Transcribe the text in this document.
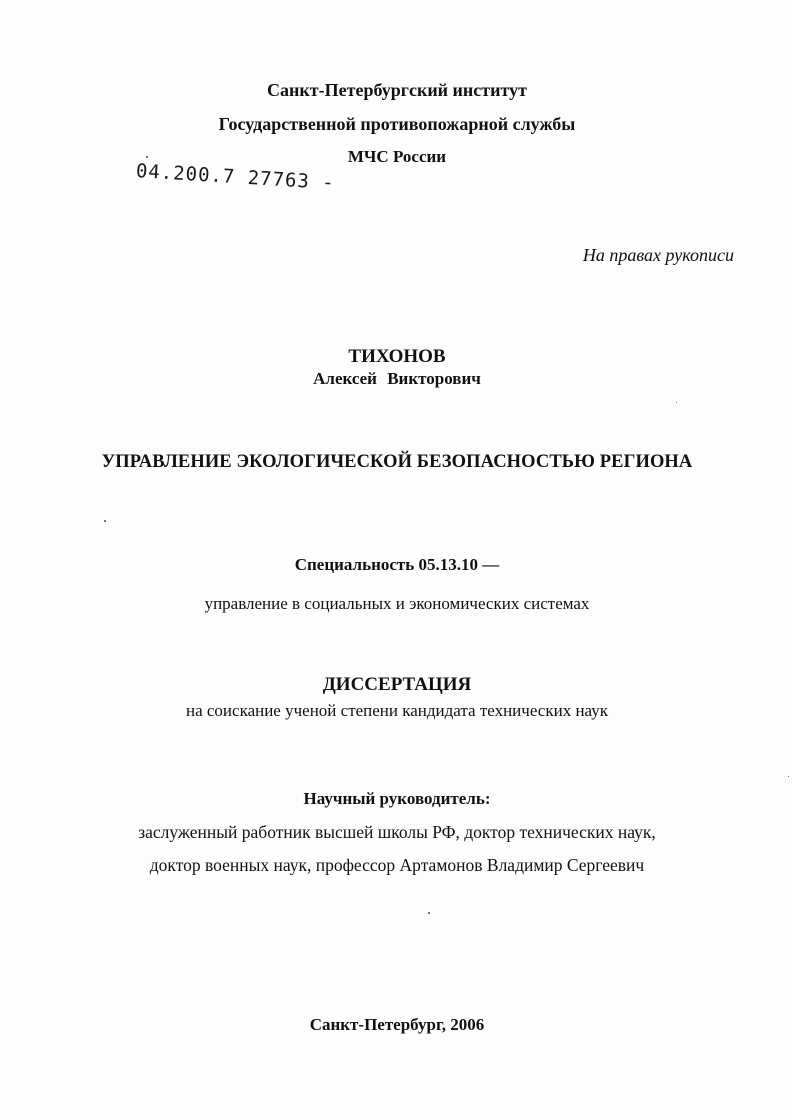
Санкт-Петербургский институт
Государственной противопожарной службы
МЧС России
04.200.7 27763 -
На правах рукописи
ТИХОНОВ
Алексей Викторович
УПРАВЛЕНИЕ ЭКОЛОГИЧЕСКОЙ БЕЗОПАСНОСТЬЮ РЕГИОНА
Специальность 05.13.10 —
управление в социальных и экономических системах
ДИССЕРТАЦИЯ
на соискание ученой степени кандидата технических наук
Научный руководитель:
заслуженный работник высшей школы РФ, доктор технических наук,
доктор военных наук, профессор Артамонов Владимир Сергеевич
Санкт-Петербург, 2006
